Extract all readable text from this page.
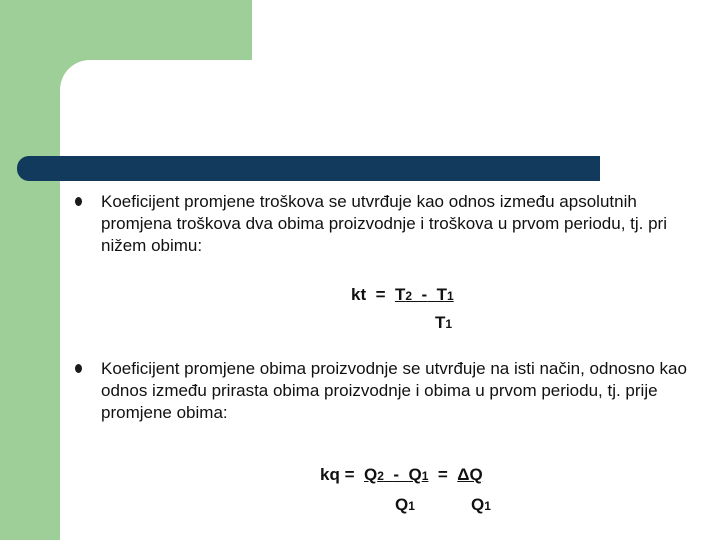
Koeficijent promjene troškova se utvrđuje kao odnos između apsolutnih promjena troškova dva obima proizvodnje i troškova u prvom periodu, tj. pri nižem obimu:
kt = T2 - T1
T1
Koeficijent promjene obima proizvodnje se utvrđuje na isti način, odnosno kao odnos između prirasta obima proizvodnje i obima u prvom periodu, tj. prije promjene obima:
kq = Q2 - Q1 = ΔQ
Q1	Q1
